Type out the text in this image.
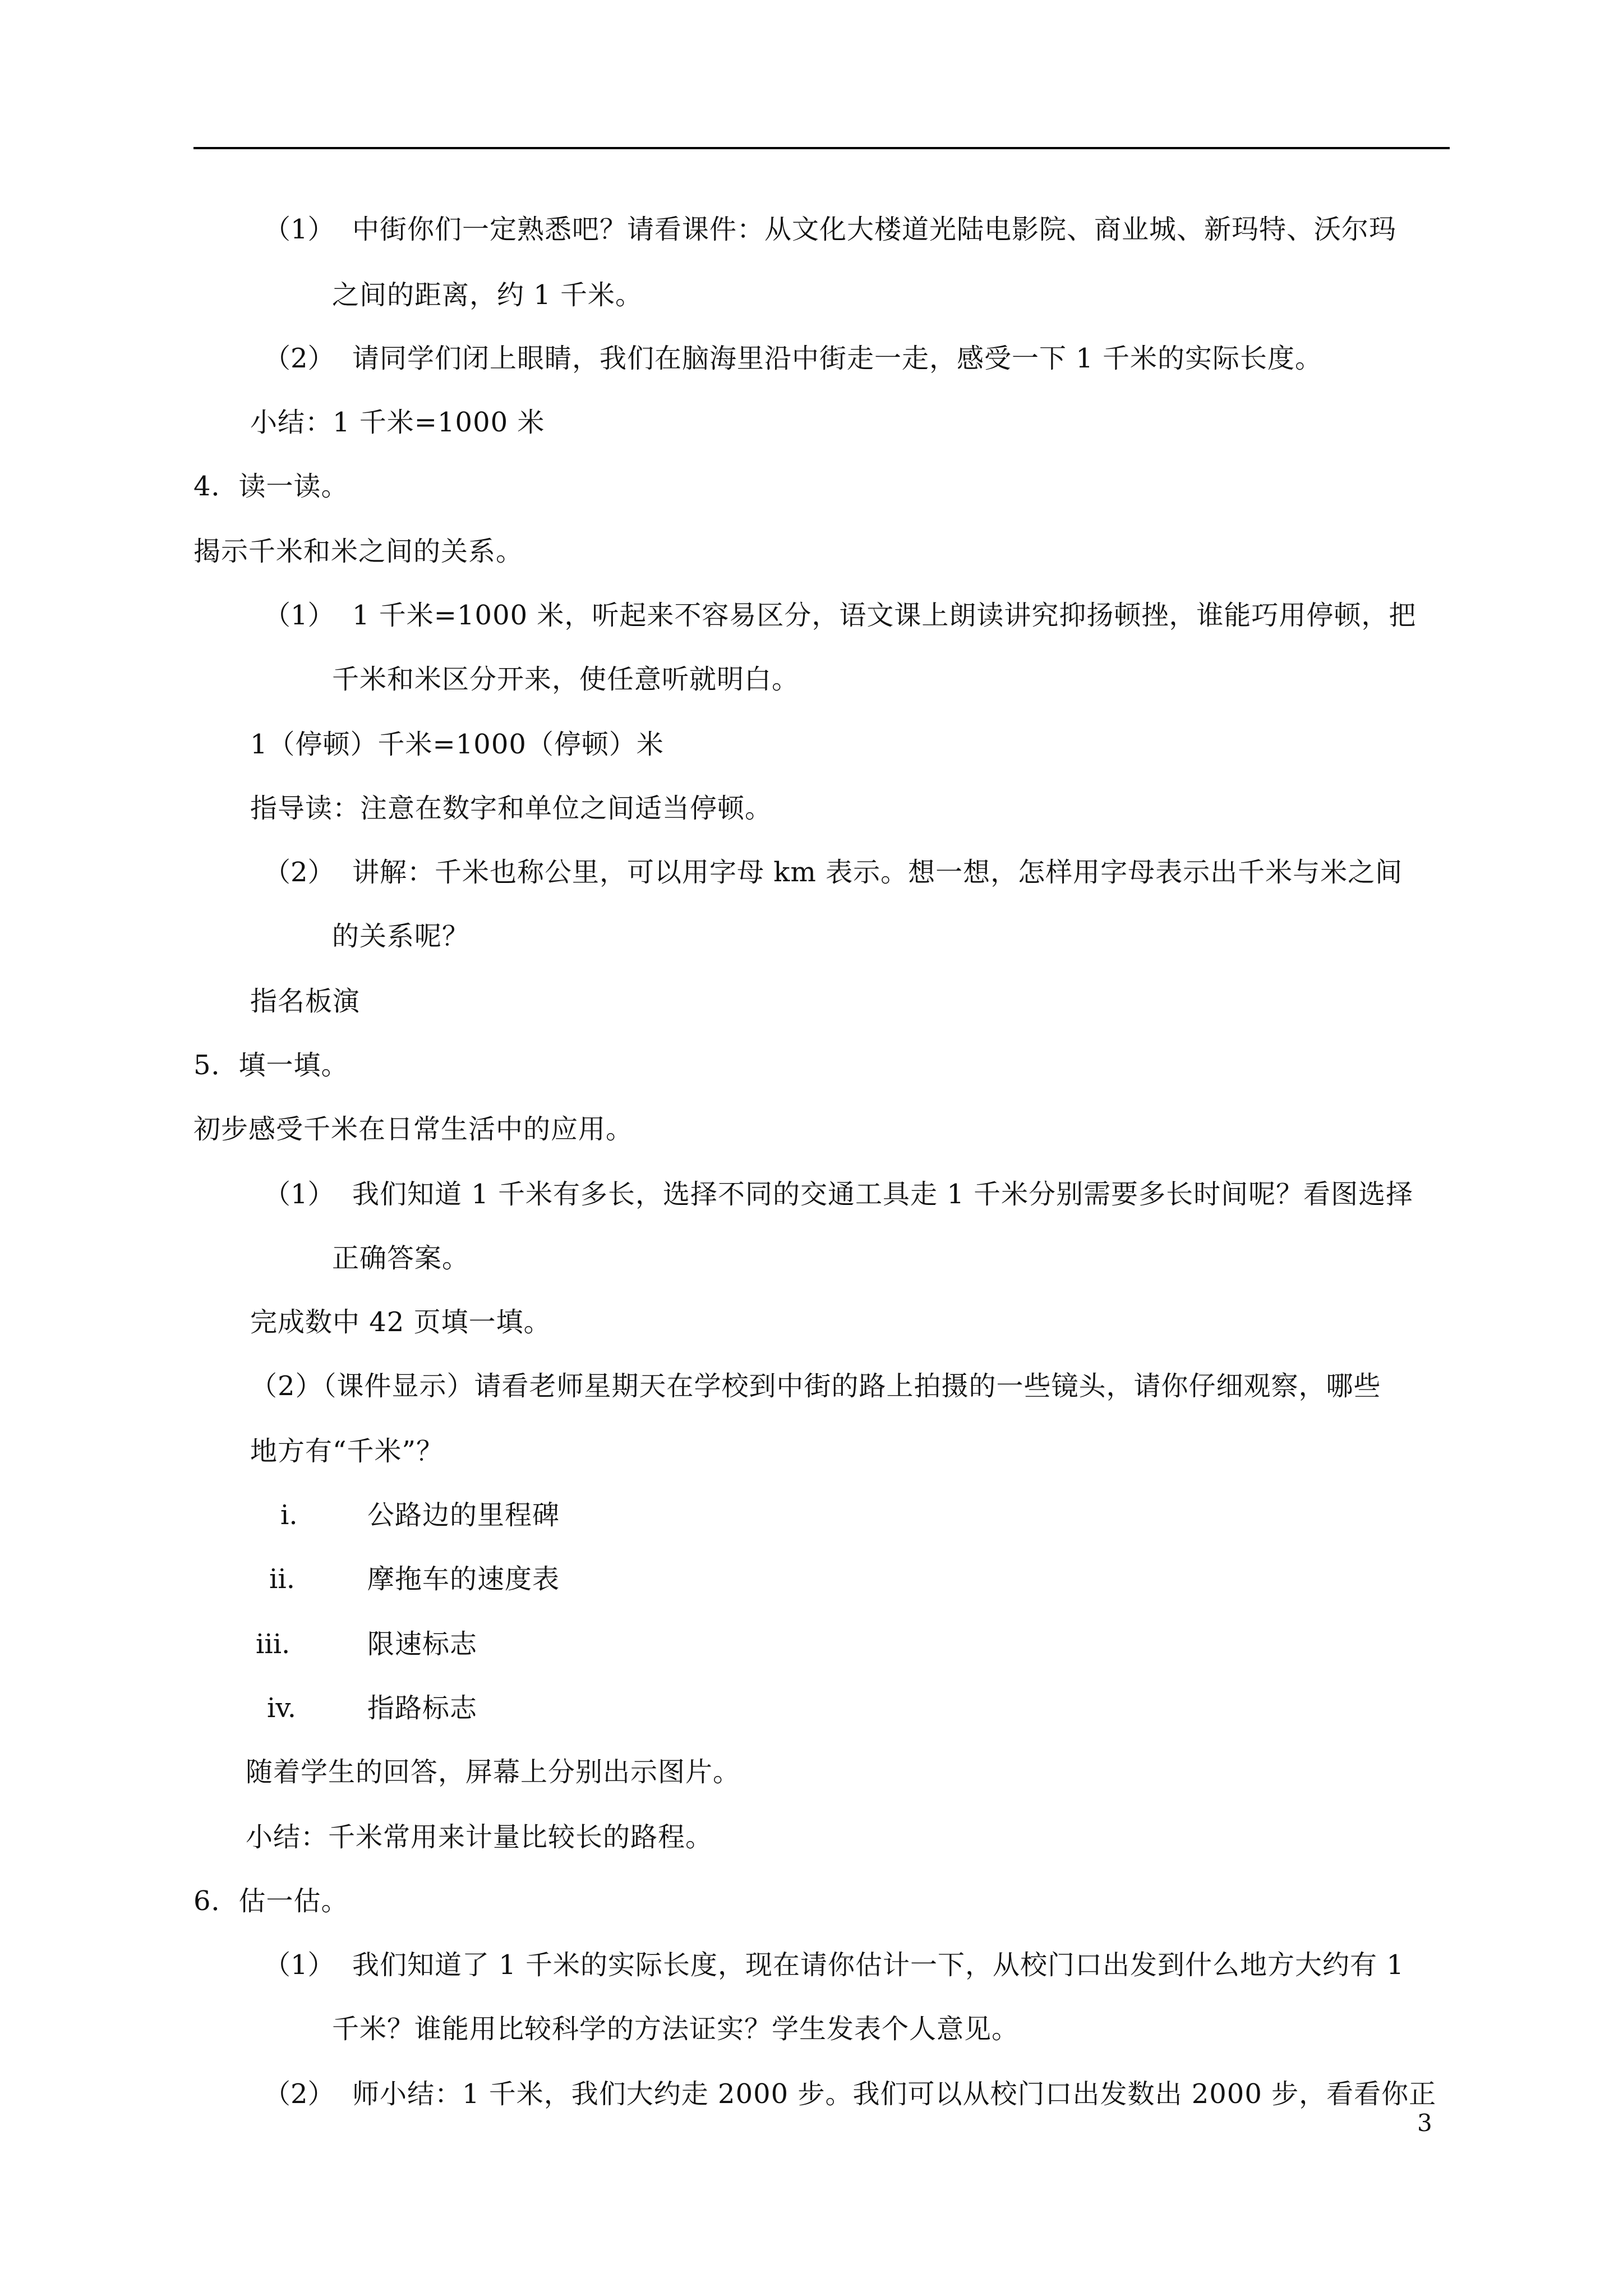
（1） 中街你们一定熟悉吧？请看课件：从文化大楼道光陆电影院、商业城、新玛特、沃尔玛
之间的距离，约 1 千米。
（2） 请同学们闭上眼睛，我们在脑海里沿中街走一走，感受一下 1 千米的实际长度。
小结：1 千米=1000 米
4．读一读。
揭示千米和米之间的关系。
（1） 1 千米=1000 米，听起来不容易区分，语文课上朗读讲究抑扬顿挫，谁能巧用停顿，把
千米和米区分开来，使任意听就明白。
1（停顿）千米=1000（停顿）米
指导读：注意在数字和单位之间适当停顿。
（2） 讲解：千米也称公里，可以用字母 km 表示。想一想，怎样用字母表示出千米与米之间
的关系呢？
指名板演
5．填一填。
初步感受千米在日常生活中的应用。
（1） 我们知道 1 千米有多长，选择不同的交通工具走 1 千米分别需要多长时间呢？看图选择
正确答案。
完成数中 42 页填一填。
（2）（课件显示）请看老师星期天在学校到中街的路上拍摄的一些镜头，请你仔细观察，哪些
地方有“千米”？
i.	公路边的里程碑
ii.	摩拖车的速度表
iii.	限速标志
iv.	指路标志
随着学生的回答，屏幕上分别出示图片。
小结：千米常用来计量比较长的路程。
6．估一估。
（1） 我们知道了 1 千米的实际长度，现在请你估计一下，从校门口出发到什么地方大约有 1
千米？谁能用比较科学的方法证实？学生发表个人意见。
（2） 师小结：1 千米，我们大约走 2000 步。我们可以从校门口出发数出 2000 步，看看你正
3
